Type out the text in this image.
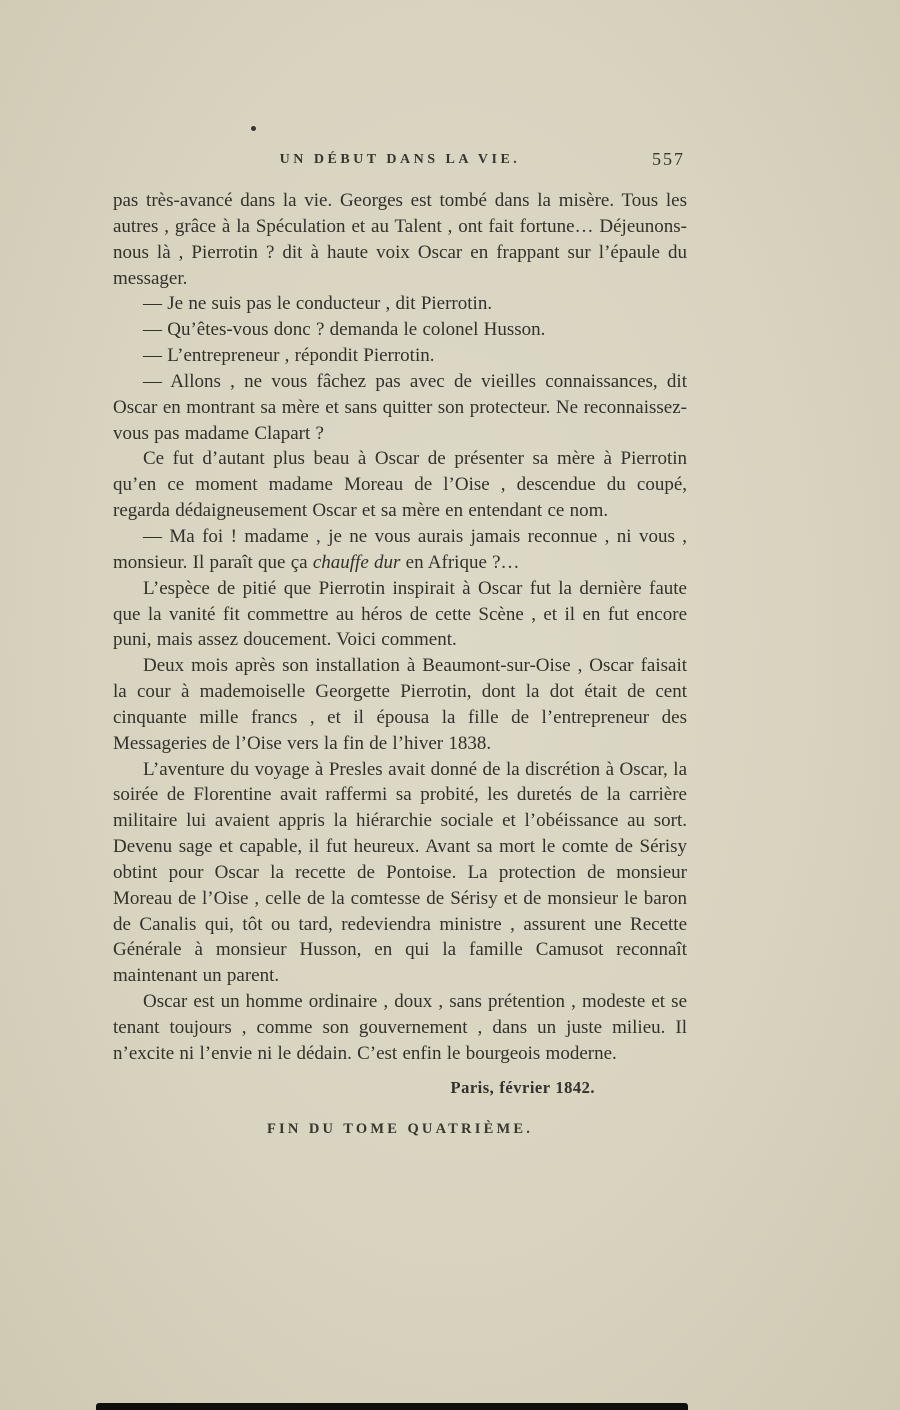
UN DÉBUT DANS LA VIE.	557

pas très-avancé dans la vie. Georges est tombé dans la misère. Tous les autres , grâce à la Spéculation et au Talent , ont fait fortune… Déjeunons-nous là , Pierrotin ? dit à haute voix Oscar en frappant sur l’épaule du messager.

— Je ne suis pas le conducteur , dit Pierrotin.

— Qu’êtes-vous donc ? demanda le colonel Husson.

— L’entrepreneur , répondit Pierrotin.

— Allons , ne vous fâchez pas avec de vieilles connaissances, dit Oscar en montrant sa mère et sans quitter son protecteur. Ne reconnaissez-vous pas madame Clapart ?

Ce fut d’autant plus beau à Oscar de présenter sa mère à Pierrotin qu’en ce moment madame Moreau de l’Oise , descendue du coupé, regarda dédaigneusement Oscar et sa mère en entendant ce nom.

— Ma foi ! madame , je ne vous aurais jamais reconnue , ni vous , monsieur. Il paraît que ça chauffe dur en Afrique ?…

L’espèce de pitié que Pierrotin inspirait à Oscar fut la dernière faute que la vanité fit commettre au héros de cette Scène , et il en fut encore puni, mais assez doucement. Voici comment.

Deux mois après son installation à Beaumont-sur-Oise , Oscar faisait la cour à mademoiselle Georgette Pierrotin, dont la dot était de cent cinquante mille francs , et il épousa la fille de l’entrepreneur des Messageries de l’Oise vers la fin de l’hiver 1838.

L’aventure du voyage à Presles avait donné de la discrétion à Oscar, la soirée de Florentine avait raffermi sa probité, les duretés de la carrière militaire lui avaient appris la hiérarchie sociale et l’obéissance au sort. Devenu sage et capable, il fut heureux. Avant sa mort le comte de Sérisy obtint pour Oscar la recette de Pontoise. La protection de monsieur Moreau de l’Oise , celle de la comtesse de Sérisy et de monsieur le baron de Canalis qui, tôt ou tard, redeviendra ministre , assurent une Recette Générale à monsieur Husson, en qui la famille Camusot reconnaît maintenant un parent.

Oscar est un homme ordinaire , doux , sans prétention , modeste et se tenant toujours , comme son gouvernement , dans un juste milieu. Il n’excite ni l’envie ni le dédain. C’est enfin le bourgeois moderne.

Paris, février 1842.

FIN DU TOME QUATRIÈME.
